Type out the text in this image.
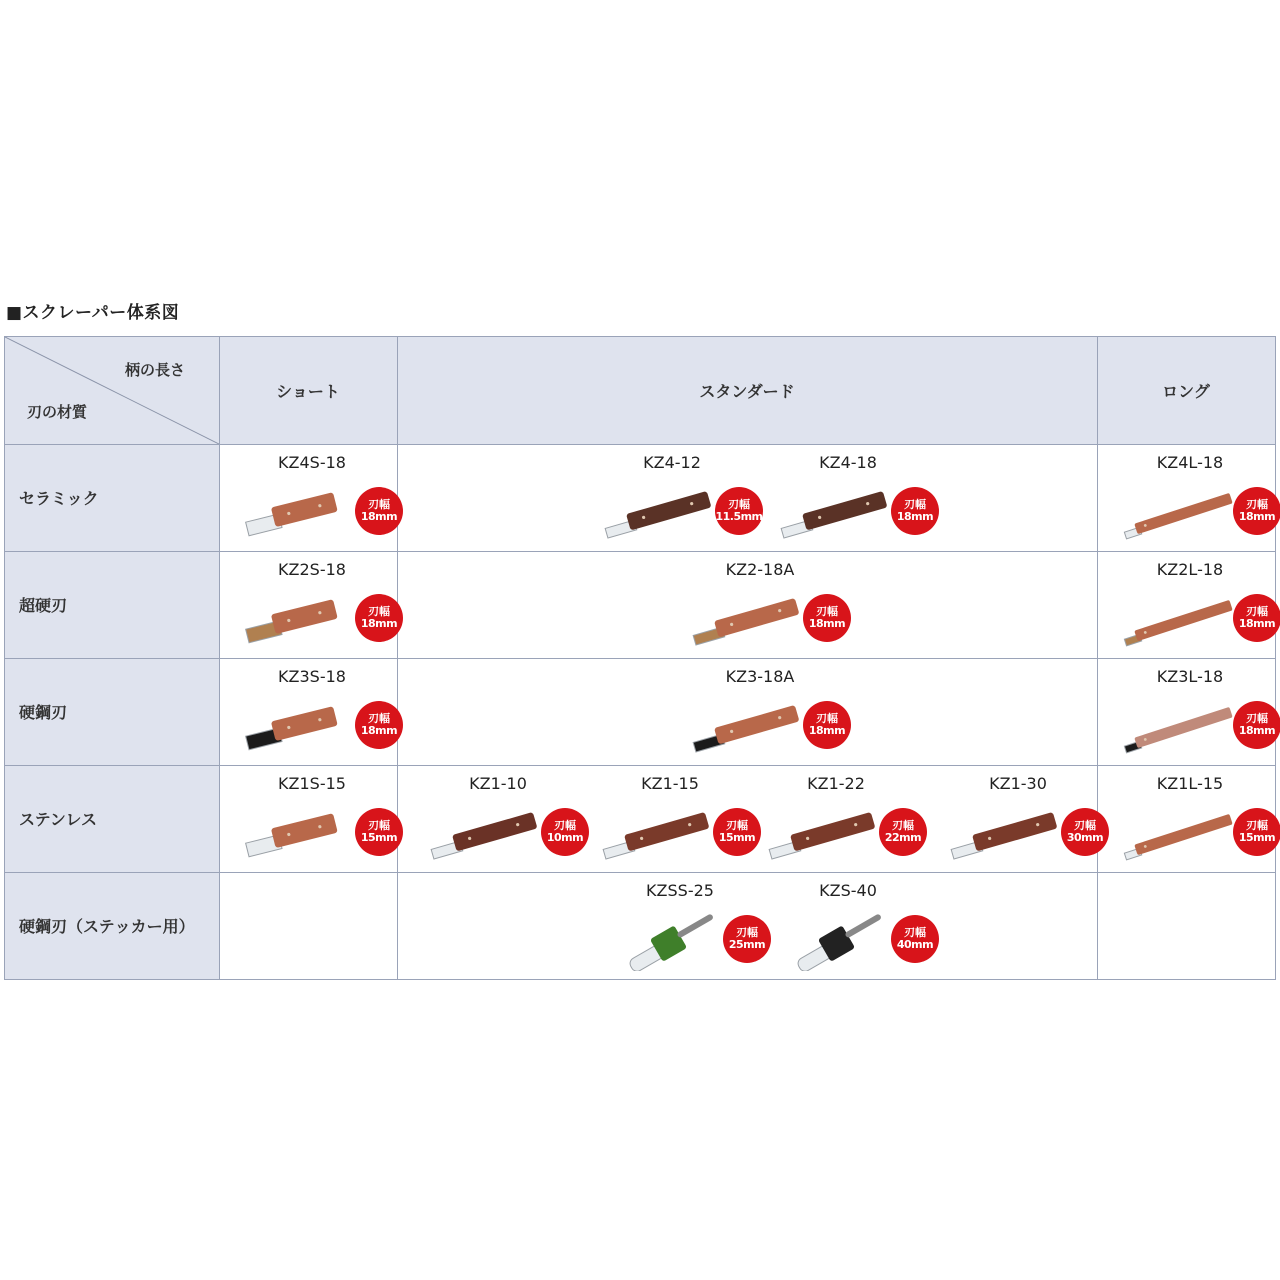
■スクレーパー体系図
柄の長さ
刃の材質
ショート	スタンダード	ロング
セラミック
超硬刃
硬鋼刃
ステンレス
硬鋼刃（ステッカー用）
KZ4S-18
刃幅
18mm
KZ4-12
刃幅
11.5mm
KZ4-18
刃幅
18mm
KZ4L-18
刃幅
18mm
KZ2S-18
刃幅
18mm
KZ2-18A
刃幅
18mm
KZ2L-18
刃幅
18mm
KZ3S-18
刃幅
18mm
KZ3-18A
刃幅
18mm
KZ3L-18
刃幅
18mm
KZ1S-15
刃幅
15mm
KZ1-10
刃幅
10mm
KZ1-15
刃幅
15mm
KZ1-22
刃幅
22mm
KZ1-30
刃幅
30mm
KZ1L-15
刃幅
15mm
KZSS-25
刃幅
25mm
KZS-40
刃幅
40mm
